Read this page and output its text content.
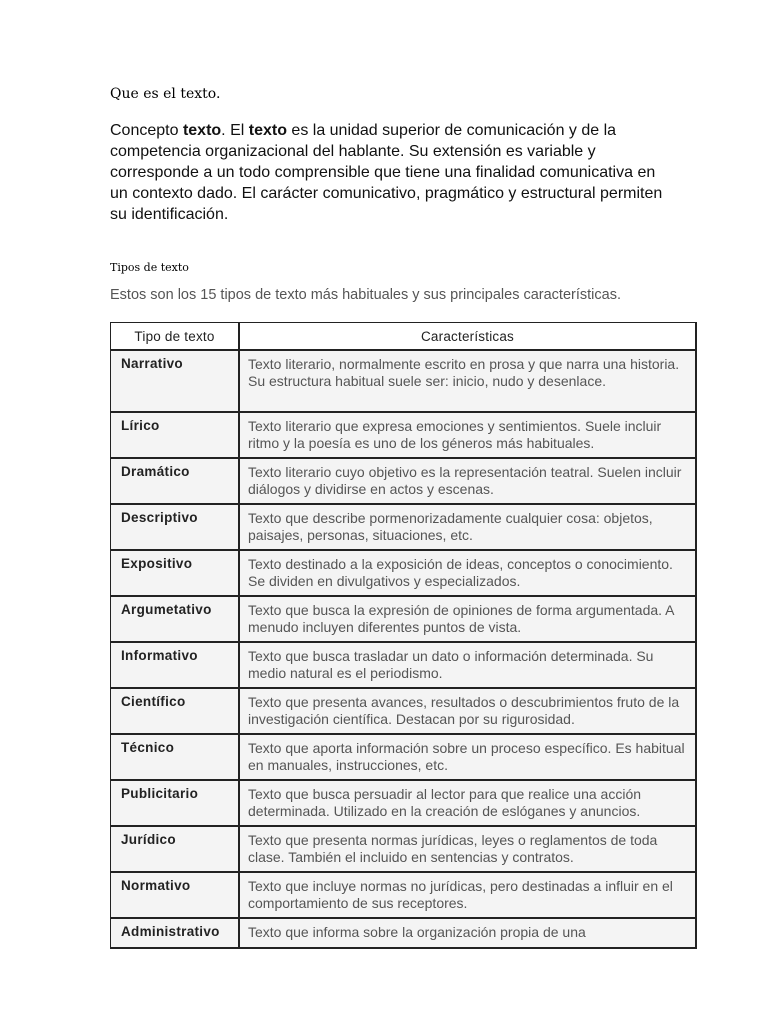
Que es el texto.
Concepto texto. El texto es la unidad superior de comunicación y de la competencia organizacional del hablante. Su extensión es variable y corresponde a un todo comprensible que tiene una finalidad comunicativa en un contexto dado. El carácter comunicativo, pragmático y estructural permiten su identificación.
Tipos de texto
Estos son los 15 tipos de texto más habituales y sus principales características.
Tipo de texto	Características
Narrativo	Texto literario, normalmente escrito en prosa y que narra una historia. Su estructura habitual suele ser: inicio, nudo y desenlace.
Lírico	Texto literario que expresa emociones y sentimientos. Suele incluir ritmo y la poesía es uno de los géneros más habituales.
Dramático	Texto literario cuyo objetivo es la representación teatral. Suelen incluir diálogos y dividirse en actos y escenas.
Descriptivo	Texto que describe pormenorizadamente cualquier cosa: objetos, paisajes, personas, situaciones, etc.
Expositivo	Texto destinado a la exposición de ideas, conceptos o conocimiento. Se dividen en divulgativos y especializados.
Argumetativo	Texto que busca la expresión de opiniones de forma argumentada. A menudo incluyen diferentes puntos de vista.
Informativo	Texto que busca trasladar un dato o información determinada. Su medio natural es el periodismo.
Científico	Texto que presenta avances, resultados o descubrimientos fruto de la investigación científica. Destacan por su rigurosidad.
Técnico	Texto que aporta información sobre un proceso específico. Es habitual en manuales, instrucciones, etc.
Publicitario	Texto que busca persuadir al lector para que realice una acción determinada. Utilizado en la creación de eslóganes y anuncios.
Jurídico	Texto que presenta normas jurídicas, leyes o reglamentos de toda clase. También el incluido en sentencias y contratos.
Normativo	Texto que incluye normas no jurídicas, pero destinadas a influir en el comportamiento de sus receptores.
Administrativo	Texto que informa sobre la organización propia de una
